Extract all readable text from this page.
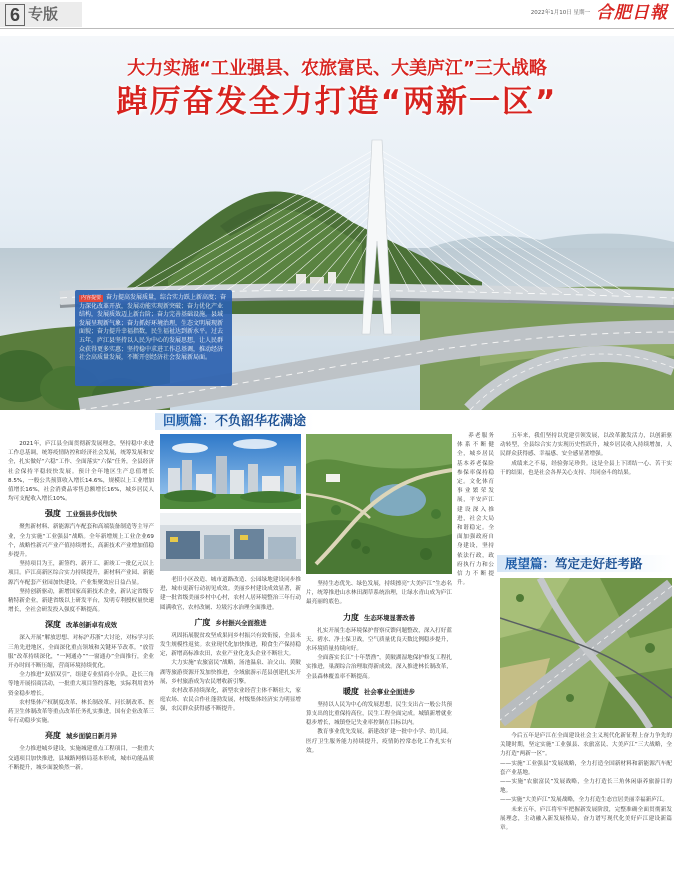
6 专版	2022年1月10日 星期一 合肥日報
大力实施“工业强县、农旅富民、大美庐江”三大战略
踔厉奋发全力打造“两新一区”
内容提要 奋力提高发展质量，综合实力跃上新高度；奋力深化改革开放，发展动能实现新突破；奋力优化产业结构，发展质效迈上新台阶；奋力完善基础设施，县域发展呈现新气象；奋力抓好环境治理，生态文明展现新面貌；奋力提升幸福指数，民生福祉达到新水平。过去五年，庐江县坚持以人民为中心的发展思想，让人民群众获得更多实惠；坚持稳中求进工作总基调，推动经济社会高质量发展，不断开创经济社会发展新局面。
回顾篇：不负韶华花满途

2021年，庐江县全面贯彻新发展理念，坚持稳中求进工作总基调，统筹疫情防控和经济社会发展，统筹发展和安全，扎实做好“六稳”工作、全面落实“六保”任务，全县经济社会保持平稳较快发展。预计全年地区生产总值增长8.5%，一般公共预算收入增长14.6%，规模以上工业增加值增长16%，社会消费品零售总额增长16%，城乡居民人均可支配收入增长10%。

强度 工业强县步伐加快

聚焦新材料、新能源汽车配套和高端装备制造等主导产业，全力实施“工业强县”战略。全年新增规上工业企业69个，战略性新兴产业产值持续增长，高新技术产业增加值稳步提升。

坚持项目为王，新签约、新开工、新竣工一批亿元以上项目。庐江高新区综合实力持续提升，新材料产业园、新能源汽车配套产业园加快建设，产业集聚效应日益凸显。

坚持创新驱动，新增国家高新技术企业，新认定省级专精特新企业，新建省级以上研发平台，发明专利授权量快速增长，全社会研发投入强度不断提高。

深度 改革创新卓有成效

深入开展“解放思想、对标沪苏浙”大讨论，对标学习长三角先进地区，全面深化重点领域和关键环节改革。“放管服”改革持续深化，“一网通办”“一窗通办”全面推行，企业开办时间不断压缩，营商环境持续优化。

全力推进“双招双引”，组建专业招商小分队，赴长三角等地开展招商活动，一批重大项目签约落地，实际利用省外资金稳步增长。

农村集体产权制度改革、林长制改革、河长制改革、医药卫生体制改革等重点改革任务扎实推进，国有企业改革三年行动稳步实施。

亮度 城乡面貌日新月异

全力推进城乡建设，实施城建重点工程项目，一批重大交通项目加快推进，县城路网格局基本形成，城市功能品质不断提升，城乡面貌焕然一新。

老旧小区改造、城市道路改造、公园绿地建设同步推进，城市更新行动初见成效。美丽乡村建设成效显著，新建一批省级美丽乡村中心村，农村人居环境整治三年行动圆满收官，农村改厕、垃圾污水治理全面推进。

广度 乡村振兴全面推进

巩固拓展脱贫攻坚成果同乡村振兴有效衔接，全县未发生规模性返贫。农业现代化加快推进，粮食生产保持稳定，新增高标准农田，农业产业化龙头企业不断壮大。

大力实施“农旅富民”战略，汤池温泉、冶父山、黄陂湖等旅游资源开发加快推进，全域旅游示范县创建扎实开展，乡村旅游成为农民增收新引擎。

农村改革持续深化，新型农业经营主体不断壮大，家庭农场、农民合作社蓬勃发展，村级集体经济实力明显增强，农民群众获得感不断提升。

坚持生态优先、绿色发展，持续擦亮“大美庐江”生态名片，统筹推进山水林田湖草系统治理，让绿水青山成为庐江最亮丽的底色。

力度 生态环境显著改善

扎实开展生态环境保护督察反馈问题整改，深入打好蓝天、碧水、净土保卫战，空气质量优良天数比例稳步提升，水环境质量持续向好。

全面落实长江“十年禁渔”，黄陂湖湿地保护修复工程扎实推进，巢湖综合治理取得新成效。深入推进林长制改革，全县森林覆盖率不断提高。

暖度 社会事业全面进步

坚持以人民为中心的发展思想，民生支出占一般公共预算支出的比重保持高位，民生工程全面完成。城镇新增就业稳步增长，城镇登记失业率控制在目标以内。

教育事业优先发展，新建改扩建一批中小学、幼儿园。医疗卫生服务能力持续提升，疫情防控常态化工作扎实有效。

养老服务体系不断健全，城乡居民基本养老保险参保率保持稳定。文化体育事业繁荣发展，平安庐江建设深入推进，社会大局和谐稳定。全面加强政府自身建设，坚持依法行政，政府执行力和公信力不断提升。

五年来，我们坚持以党建引领发展，以改革激发活力，以创新驱动转型，全县综合实力实现历史性跃升，城乡居民收入持续增加，人民群众获得感、幸福感、安全感显著增强。

成绩来之不易，经验弥足珍贵。这是全县上下团结一心、苦干实干的结果，也是社会各界关心支持、共同奋斗的结果。

展望篇：笃定走好赶考路

今后五年是庐江在全面建设社会主义现代化新征程上奋力争先的关键时期，坚定实施“工业强县、农旅富民、大美庐江”三大战略，全力打造“两新一区”。

——实施“工业强县”发展战略，全力打造全国新材料和新能源汽车配套产业基地。

——实施“农旅富民”发展战略，全力打造长三角休闲康养旅游目的地。

——实施“大美庐江”发展战略，全力打造生态宜居美丽幸福新庐江。

未来五年，庐江将牢牢把握新发展阶段，完整准确全面贯彻新发展理念，主动融入新发展格局，奋力谱写现代化美好庐江建设新篇章。
